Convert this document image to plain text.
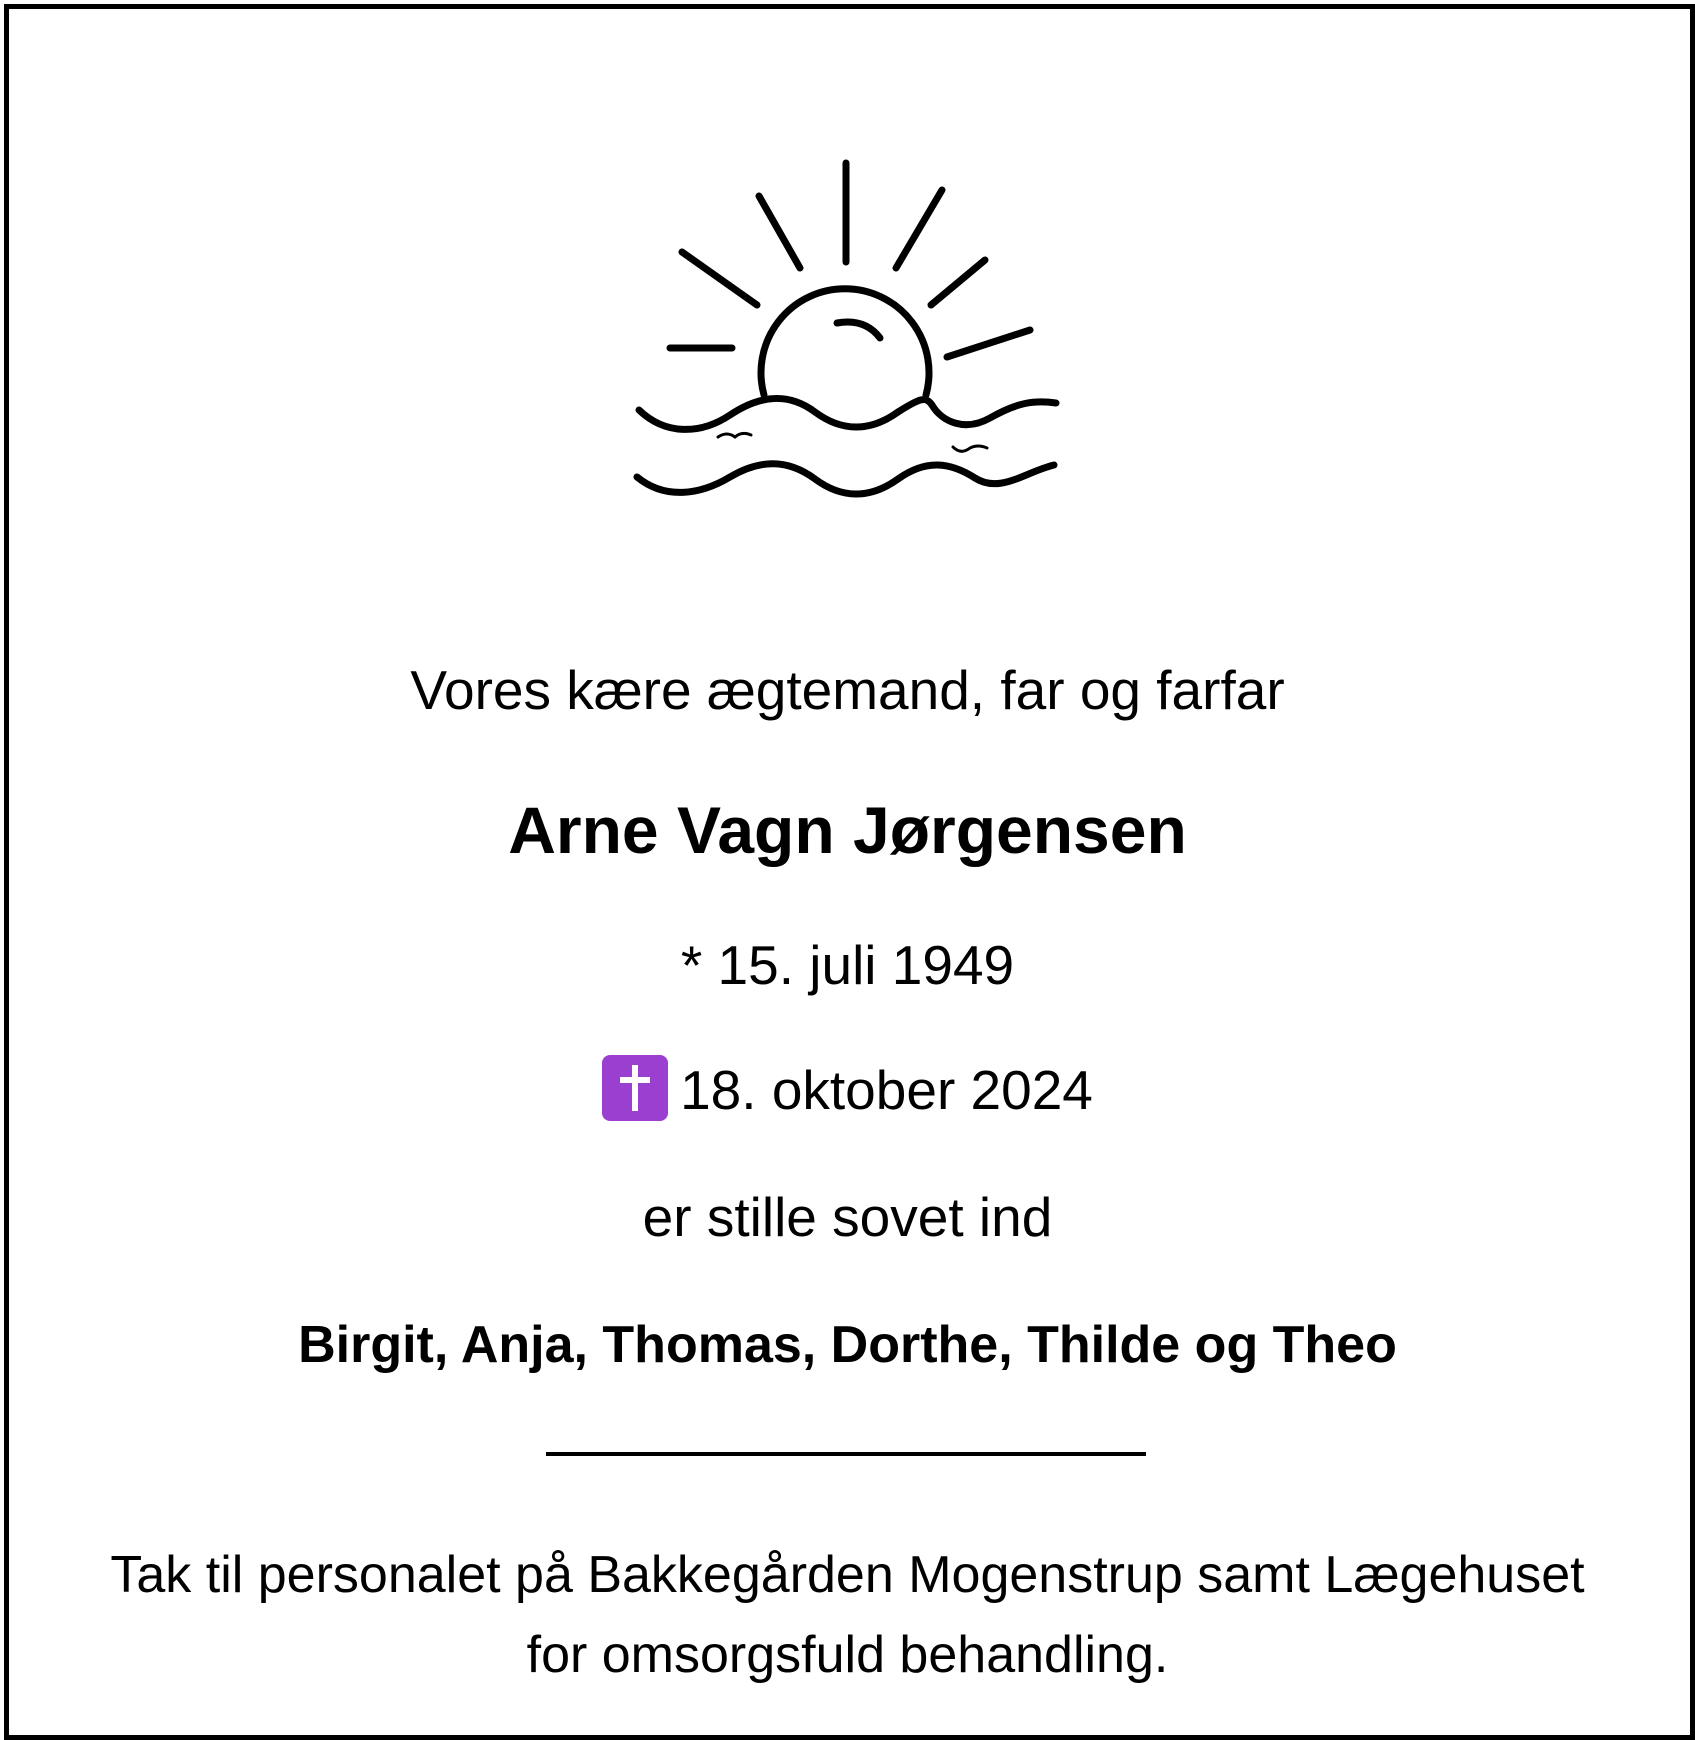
Vores kære ægtemand, far og farfar
Arne Vagn Jørgensen
* 15. juli 1949
18. oktober 2024
er stille sovet ind
Birgit, Anja, Thomas, Dorthe, Thilde og Theo
Tak til personalet på Bakkegården Mogenstrup samt Lægehuset
for omsorgsfuld behandling.
